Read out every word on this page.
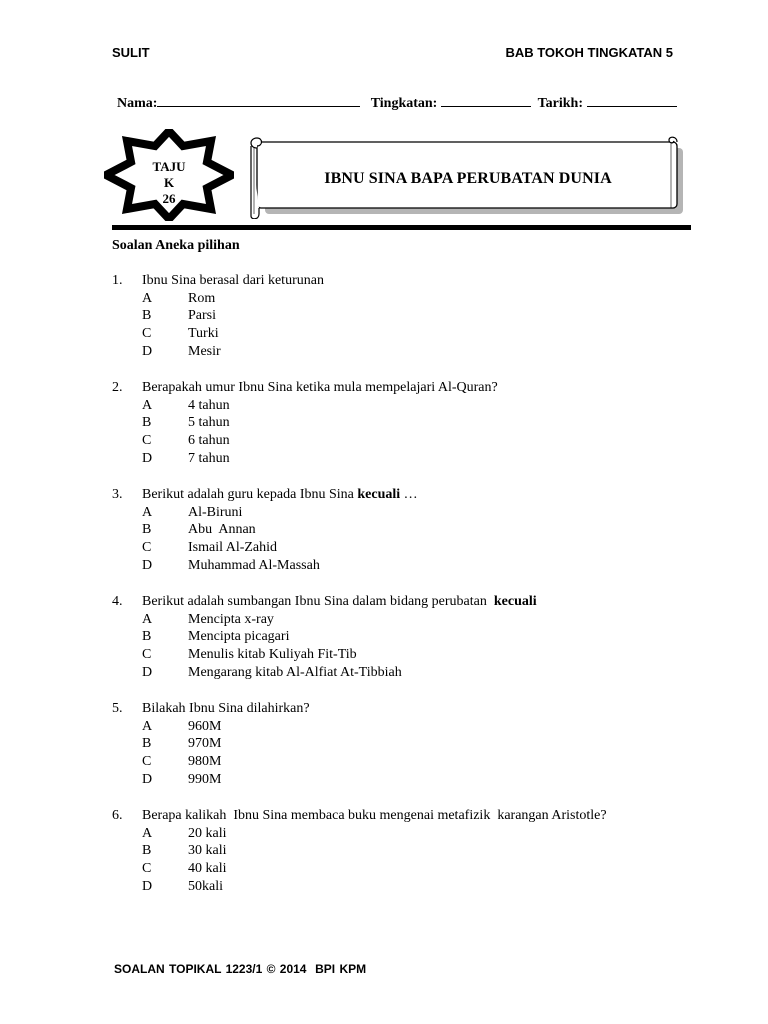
SULIT	BAB TOKOH TINGKATAN 5
Nama:	Tingkatan:	Tarikh:
TAJU
K
26
IBNU SINA BAPA PERUBATAN DUNIA
Soalan Aneka pilihan
1. Ibnu Sina berasal dari keturunan
A	Rom
B	Parsi
C	Turki
D	Mesir
2. Berapakah umur Ibnu Sina ketika mula mempelajari Al-Quran?
A	4 tahun
B	5 tahun
C	6 tahun
D	7 tahun
3. Berikut adalah guru kepada Ibnu Sina kecuali …
A	Al-Biruni
B	Abu  Annan
C	Ismail Al-Zahid
D	Muhammad Al-Massah
4. Berikut adalah sumbangan Ibnu Sina dalam bidang perubatan  kecuali
A	Mencipta x-ray
B	Mencipta picagari
C	Menulis kitab Kuliyah Fit-Tib
D	Mengarang kitab Al-Alfiat At-Tibbiah
5. Bilakah Ibnu Sina dilahirkan?
A	960M
B	970M
C	980M
D	990M
6. Berapa kalikah  Ibnu Sina membaca buku mengenai metafizik  karangan Aristotle?
A	20 kali
B	30 kali
C	40 kali
D	50kali
SOALAN TOPIKAL 1223/1 © 2014  BPI KPM
